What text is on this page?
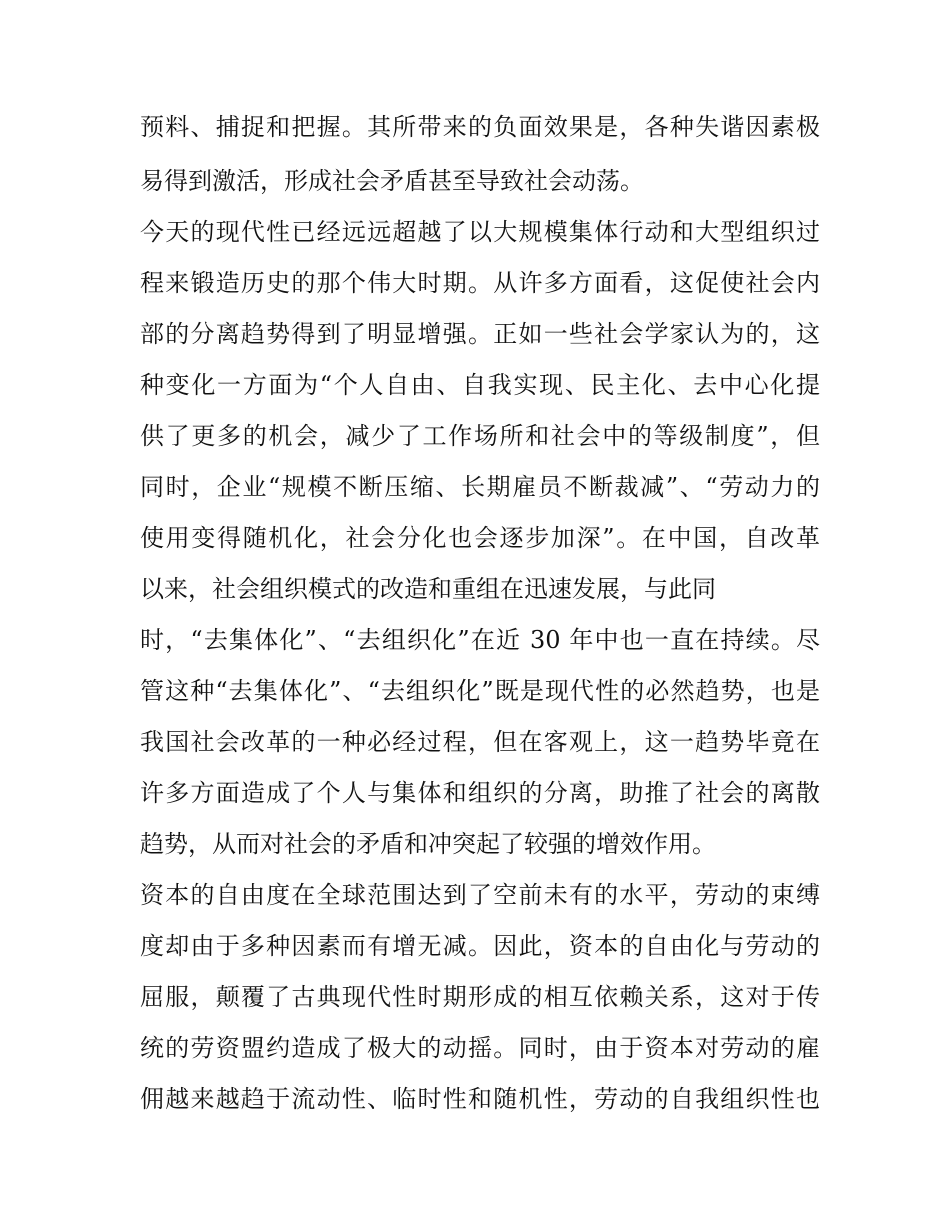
预料、捕捉和把握。其所带来的负面效果是，各种失谐因素极
易得到激活，形成社会矛盾甚至导致社会动荡。
今天的现代性已经远远超越了以大规模集体行动和大型组织过
程来锻造历史的那个伟大时期。从许多方面看，这促使社会内
部的分离趋势得到了明显增强。正如一些社会学家认为的，这
种变化一方面为“个人自由、自我实现、民主化、去中心化提
供了更多的机会，减少了工作场所和社会中的等级制度”，但
同时，企业“规模不断压缩、长期雇员不断裁减”、“劳动力的
使用变得随机化，社会分化也会逐步加深”。在中国，自改革
以来，社会组织模式的改造和重组在迅速发展，与此同
时，“去集体化”、“去组织化”在近 30 年中也一直在持续。尽
管这种“去集体化”、“去组织化”既是现代性的必然趋势，也是
我国社会改革的一种必经过程，但在客观上，这一趋势毕竟在
许多方面造成了个人与集体和组织的分离，助推了社会的离散
趋势，从而对社会的矛盾和冲突起了较强的增效作用。
资本的自由度在全球范围达到了空前未有的水平，劳动的束缚
度却由于多种因素而有增无减。因此，资本的自由化与劳动的
屈服，颠覆了古典现代性时期形成的相互依赖关系，这对于传
统的劳资盟约造成了极大的动摇。同时，由于资本对劳动的雇
佣越来越趋于流动性、临时性和随机性，劳动的自我组织性也
